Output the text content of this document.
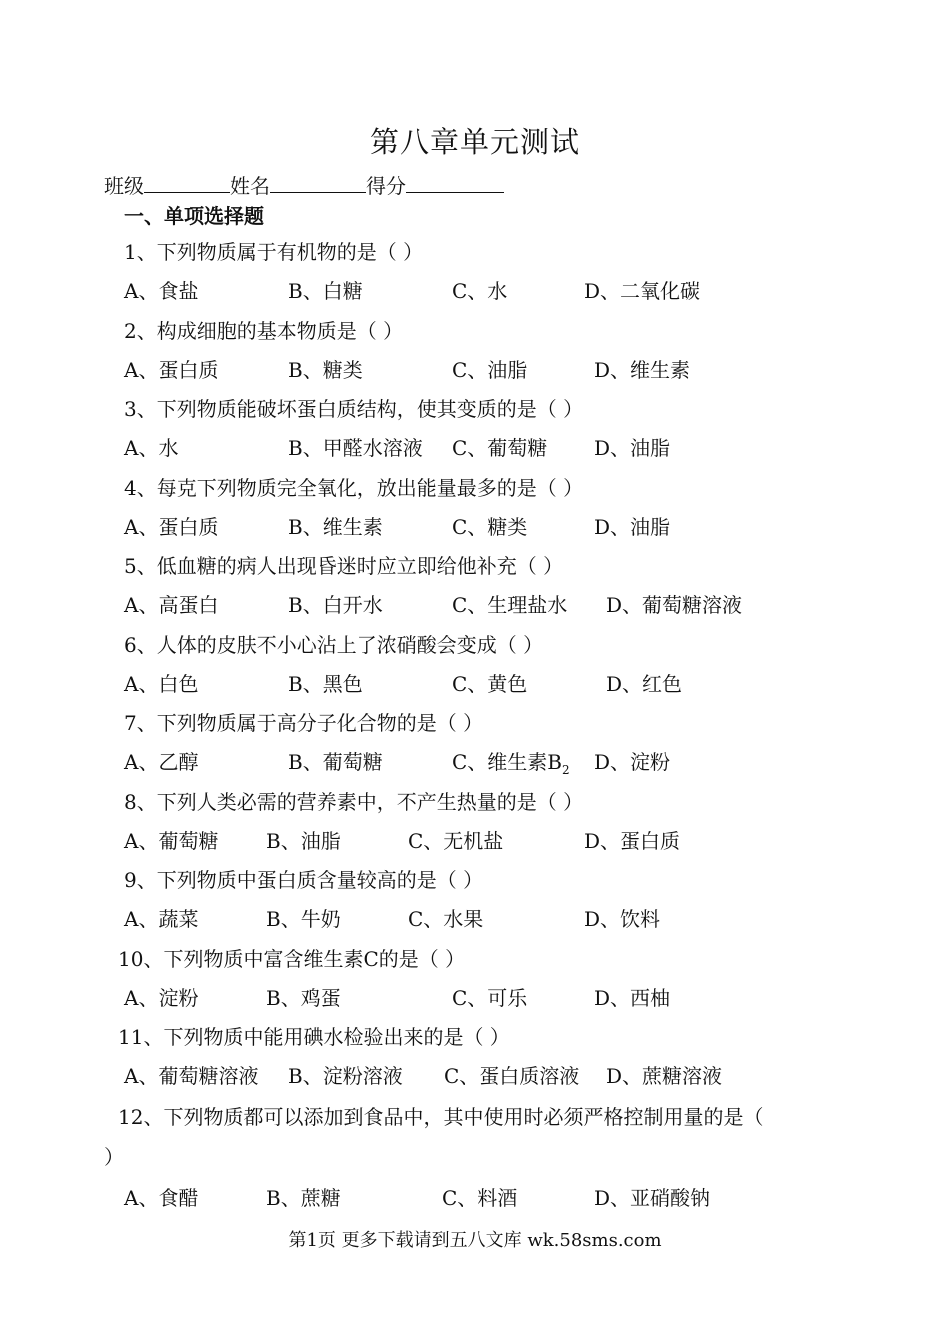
第八章单元测试
班级	姓名	得分
一、单项选择题
1、下列物质属于有机物的是（ ）
A、食盐	B、白糖	C、水	D、二氧化碳
2、构成细胞的基本物质是（ ）
A、蛋白质	B、糖类	C、油脂	D、维生素
3、下列物质能破坏蛋白质结构，使其变质的是（ ）
A、水	B、甲醛水溶液 C、葡萄糖 D、油脂
4、每克下列物质完全氧化，放出能量最多的是（ ）
A、蛋白质	B、维生素	C、糖类	D、油脂
5、低血糖的病人出现昏迷时应立即给他补充（ ）
A、高蛋白	B、白开水	C、生理盐水 D、葡萄糖溶液
6、人体的皮肤不小心沾上了浓硝酸会变成（ ）
A、白色	B、黑色	C、黄色	D、红色
7、下列物质属于高分子化合物的是（ ）
A、乙醇	B、葡萄糖	C、维生素$B_2$ D、淀粉
8、下列人类必需的营养素中，不产生热量的是（ ）
A、葡萄糖 B、油脂	C、无机盐	D、蛋白质
9、下列物质中蛋白质含量较高的是（ ）
A、蔬菜	B、牛奶	C、水果	D、饮料
10、下列物质中富含维生素C的是（ ）
A、淀粉	B、鸡蛋	C、可乐	D、西柚
11、下列物质中能用碘水检验出来的是（ ）
A、葡萄糖溶液 B、淀粉溶液 C、蛋白质溶液 D、蔗糖溶液
12、下列物质都可以添加到食品中，其中使用时必须严格控制用量的是（
）
A、食醋	B、蔗糖	C、料酒	D、亚硝酸钠
第1页 更多下载请到五八文库 wk.58sms.com
